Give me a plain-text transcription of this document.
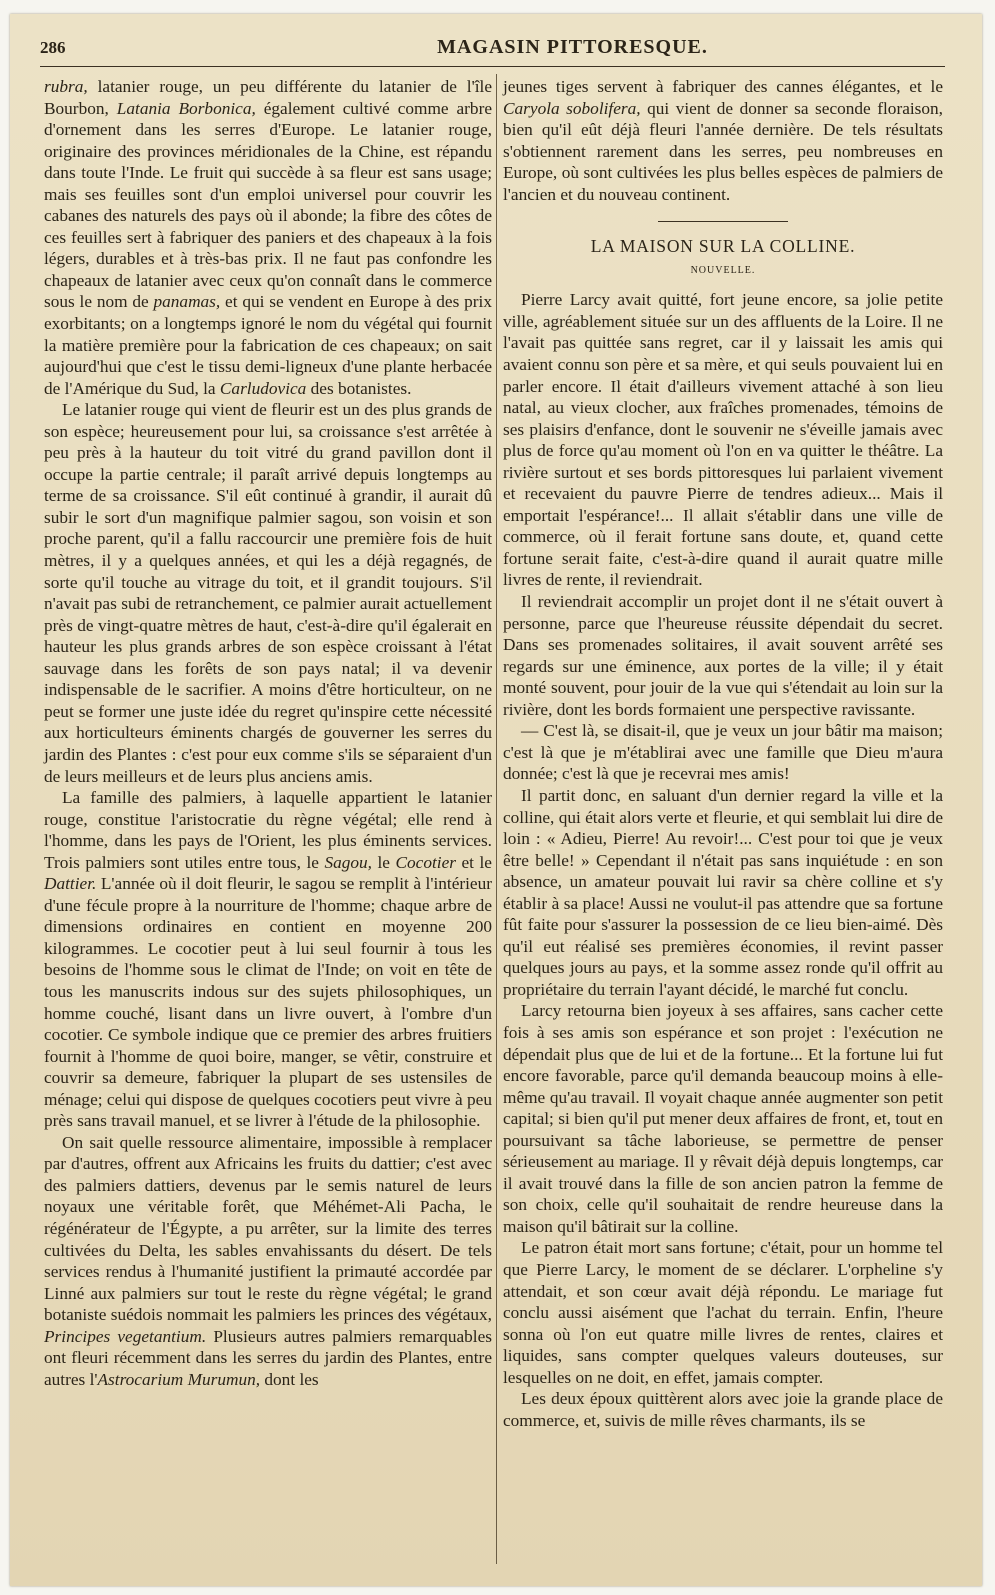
286	MAGASIN PITTORESQUE.

rubra, latanier rouge, un peu différente du latanier de l'île Bourbon, Latania Borbonica, également cultivé comme arbre d'ornement dans les serres d'Europe. Le latanier rouge, originaire des provinces méridionales de la Chine, est répandu dans toute l'Inde. Le fruit qui succède à sa fleur est sans usage; mais ses feuilles sont d'un emploi universel pour couvrir les cabanes des naturels des pays où il abonde; la fibre des côtes de ces feuilles sert à fabriquer des paniers et des chapeaux à la fois légers, durables et à très-bas prix. Il ne faut pas confondre les chapeaux de latanier avec ceux qu'on connaît dans le commerce sous le nom de panamas, et qui se vendent en Europe à des prix exorbitants; on a longtemps ignoré le nom du végétal qui fournit la matière première pour la fabrication de ces chapeaux; on sait aujourd'hui que c'est le tissu demi-ligneux d'une plante herbacée de l'Amérique du Sud, la Carludovica des botanistes.

Le latanier rouge qui vient de fleurir est un des plus grands de son espèce; heureusement pour lui, sa croissance s'est arrêtée à peu près à la hauteur du toit vitré du grand pavillon dont il occupe la partie centrale; il paraît arrivé depuis longtemps au terme de sa croissance. S'il eût continué à grandir, il aurait dû subir le sort d'un magnifique palmier sagou, son voisin et son proche parent, qu'il a fallu raccourcir une première fois de huit mètres, il y a quelques années, et qui les a déjà regagnés, de sorte qu'il touche au vitrage du toit, et il grandit toujours. S'il n'avait pas subi de retranchement, ce palmier aurait actuellement près de vingt-quatre mètres de haut, c'est-à-dire qu'il égalerait en hauteur les plus grands arbres de son espèce croissant à l'état sauvage dans les forêts de son pays natal; il va devenir indispensable de le sacrifier. A moins d'être horticulteur, on ne peut se former une juste idée du regret qu'inspire cette nécessité aux horticulteurs éminents chargés de gouverner les serres du jardin des Plantes : c'est pour eux comme s'ils se séparaient d'un de leurs meilleurs et de leurs plus anciens amis.

La famille des palmiers, à laquelle appartient le latanier rouge, constitue l'aristocratie du règne végétal; elle rend à l'homme, dans les pays de l'Orient, les plus éminents services. Trois palmiers sont utiles entre tous, le Sagou, le Cocotier et le Dattier. L'année où il doit fleurir, le sagou se remplit à l'intérieur d'une fécule propre à la nourriture de l'homme; chaque arbre de dimensions ordinaires en contient en moyenne 200 kilogrammes. Le cocotier peut à lui seul fournir à tous les besoins de l'homme sous le climat de l'Inde; on voit en tête de tous les manuscrits indous sur des sujets philosophiques, un homme couché, lisant dans un livre ouvert, à l'ombre d'un cocotier. Ce symbole indique que ce premier des arbres fruitiers fournit à l'homme de quoi boire, manger, se vêtir, construire et couvrir sa demeure, fabriquer la plupart de ses ustensiles de ménage; celui qui dispose de quelques cocotiers peut vivre à peu près sans travail manuel, et se livrer à l'étude de la philosophie.

On sait quelle ressource alimentaire, impossible à remplacer par d'autres, offrent aux Africains les fruits du dattier; c'est avec des palmiers dattiers, devenus par le semis naturel de leurs noyaux une véritable forêt, que Méhémet-Ali Pacha, le régénérateur de l'Égypte, a pu arrêter, sur la limite des terres cultivées du Delta, les sables envahissants du désert. De tels services rendus à l'humanité justifient la primauté accordée par Linné aux palmiers sur tout le reste du règne végétal; le grand botaniste suédois nommait les palmiers les princes des végétaux, Principes vegetantium. Plusieurs autres palmiers remarquables ont fleuri récemment dans les serres du jardin des Plantes, entre autres l'Astrocarium Murumun, dont les

jeunes tiges servent à fabriquer des cannes élégantes, et le Caryola sobolifera, qui vient de donner sa seconde floraison, bien qu'il eût déjà fleuri l'année dernière. De tels résultats s'obtiennent rarement dans les serres, peu nombreuses en Europe, où sont cultivées les plus belles espèces de palmiers de l'ancien et du nouveau continent.

LA MAISON SUR LA COLLINE.
NOUVELLE.

Pierre Larcy avait quitté, fort jeune encore, sa jolie petite ville, agréablement située sur un des affluents de la Loire. Il ne l'avait pas quittée sans regret, car il y laissait les amis qui avaient connu son père et sa mère, et qui seuls pouvaient lui en parler encore. Il était d'ailleurs vivement attaché à son lieu natal, au vieux clocher, aux fraîches promenades, témoins de ses plaisirs d'enfance, dont le souvenir ne s'éveille jamais avec plus de force qu'au moment où l'on en va quitter le théâtre. La rivière surtout et ses bords pittoresques lui parlaient vivement et recevaient du pauvre Pierre de tendres adieux... Mais il emportait l'espérance!... Il allait s'établir dans une ville de commerce, où il ferait fortune sans doute, et, quand cette fortune serait faite, c'est-à-dire quand il aurait quatre mille livres de rente, il reviendrait.

Il reviendrait accomplir un projet dont il ne s'était ouvert à personne, parce que l'heureuse réussite dépendait du secret. Dans ses promenades solitaires, il avait souvent arrêté ses regards sur une éminence, aux portes de la ville; il y était monté souvent, pour jouir de la vue qui s'étendait au loin sur la rivière, dont les bords formaient une perspective ravissante.

— C'est là, se disait-il, que je veux un jour bâtir ma maison; c'est là que je m'établirai avec une famille que Dieu m'aura donnée; c'est là que je recevrai mes amis!

Il partit donc, en saluant d'un dernier regard la ville et la colline, qui était alors verte et fleurie, et qui semblait lui dire de loin : « Adieu, Pierre! Au revoir!... C'est pour toi que je veux être belle! » Cependant il n'était pas sans inquiétude : en son absence, un amateur pouvait lui ravir sa chère colline et s'y établir à sa place! Aussi ne voulut-il pas attendre que sa fortune fût faite pour s'assurer la possession de ce lieu bien-aimé. Dès qu'il eut réalisé ses premières économies, il revint passer quelques jours au pays, et la somme assez ronde qu'il offrit au propriétaire du terrain l'ayant décidé, le marché fut conclu.

Larcy retourna bien joyeux à ses affaires, sans cacher cette fois à ses amis son espérance et son projet : l'exécution ne dépendait plus que de lui et de la fortune... Et la fortune lui fut encore favorable, parce qu'il demanda beaucoup moins à elle-même qu'au travail. Il voyait chaque année augmenter son petit capital; si bien qu'il put mener deux affaires de front, et, tout en poursuivant sa tâche laborieuse, se permettre de penser sérieusement au mariage. Il y rêvait déjà depuis longtemps, car il avait trouvé dans la fille de son ancien patron la femme de son choix, celle qu'il souhaitait de rendre heureuse dans la maison qu'il bâtirait sur la colline.

Le patron était mort sans fortune; c'était, pour un homme tel que Pierre Larcy, le moment de se déclarer. L'orpheline s'y attendait, et son cœur avait déjà répondu. Le mariage fut conclu aussi aisément que l'achat du terrain. Enfin, l'heure sonna où l'on eut quatre mille livres de rentes, claires et liquides, sans compter quelques valeurs douteuses, sur lesquelles on ne doit, en effet, jamais compter.

Les deux époux quittèrent alors avec joie la grande place de commerce, et, suivis de mille rêves charmants, ils se
